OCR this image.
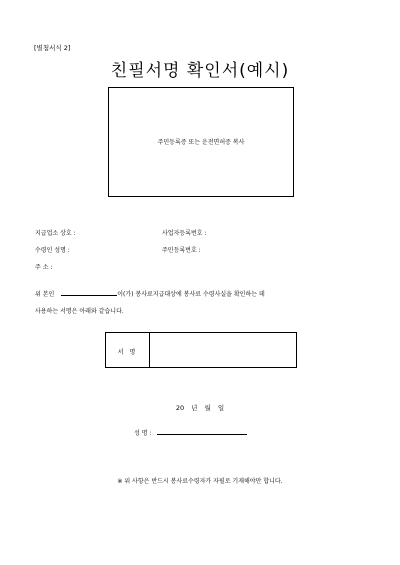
[별첨서식 2]
친필서명 확인서(예시)
주민등록증 또는 운전면허증 복사
지급업소 상호 :	사업자등록번호 :
수령인 성명 :	주민등록번호 :
주 소 :
위 본인	이(가) 봉사료지급대상에 봉사료 수령사실을 확인하는 데
사용하는 서명은 아래와 같습니다.
서 명
20 년 월 일
성 명 :
※ 위 사항은 반드시 봉사료수령자가 자필로 기재해야만 합니다.
